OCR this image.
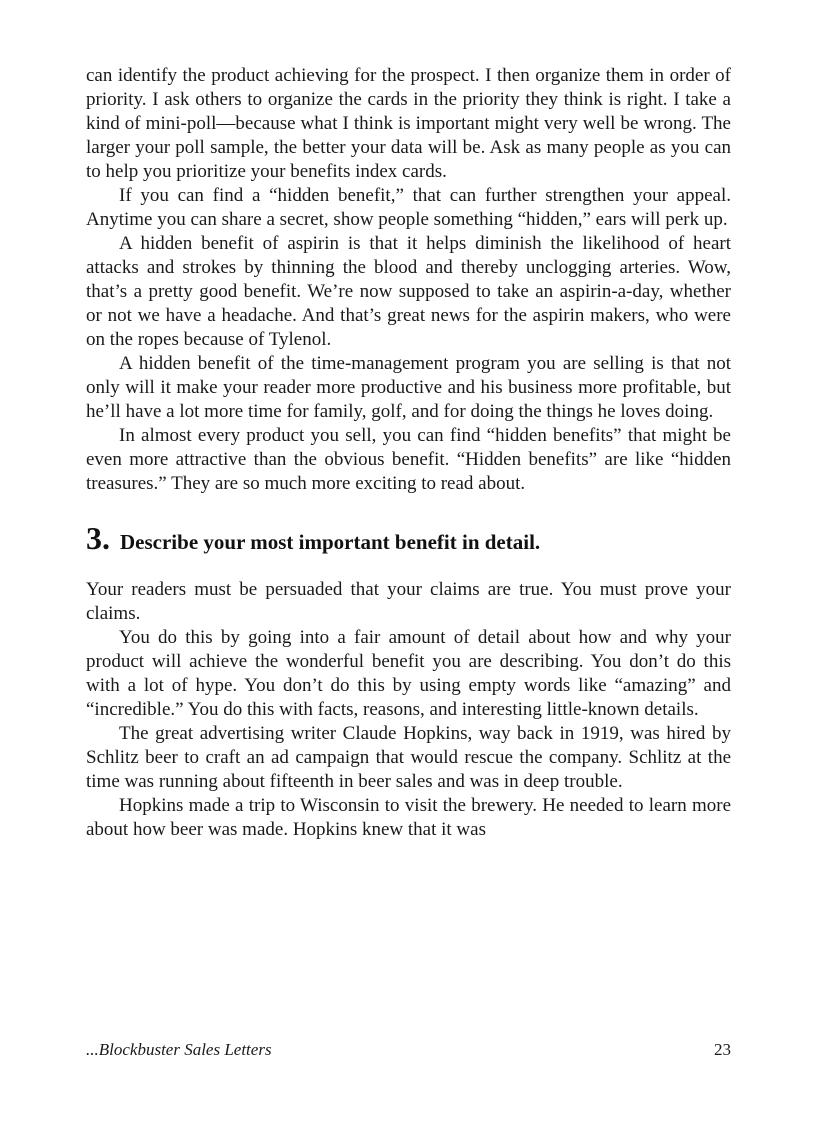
can identify the product achieving for the prospect. I then organize them in order of priority. I ask others to organize the cards in the priority they think is right. I take a kind of mini-poll—because what I think is important might very well be wrong. The larger your poll sample, the better your data will be. Ask as many people as you can to help you prioritize your benefits index cards.

If you can find a “hidden benefit,” that can further strengthen your appeal. Anytime you can share a secret, show people something “hidden,” ears will perk up.

A hidden benefit of aspirin is that it helps diminish the likelihood of heart attacks and strokes by thinning the blood and thereby unclogging arteries. Wow, that’s a pretty good benefit. We’re now supposed to take an aspirin-a-day, whether or not we have a headache. And that’s great news for the aspirin makers, who were on the ropes because of Tylenol.

A hidden benefit of the time-management program you are selling is that not only will it make your reader more productive and his business more profitable, but he’ll have a lot more time for family, golf, and for doing the things he loves doing.

In almost every product you sell, you can find “hidden benefits” that might be even more attractive than the obvious benefit. “Hidden benefits” are like “hidden treasures.” They are so much more exciting to read about.

3. Describe your most important benefit in detail.

Your readers must be persuaded that your claims are true. You must prove your claims.

You do this by going into a fair amount of detail about how and why your product will achieve the wonderful benefit you are describing. You don’t do this with a lot of hype. You don’t do this by using empty words like “amazing” and “incredible.” You do this with facts, reasons, and interesting little-known details.

The great advertising writer Claude Hopkins, way back in 1919, was hired by Schlitz beer to craft an ad campaign that would rescue the company. Schlitz at the time was running about fifteenth in beer sales and was in deep trouble.

Hopkins made a trip to Wisconsin to visit the brewery. He needed to learn more about how beer was made. Hopkins knew that it was

...Blockbuster Sales Letters	23
